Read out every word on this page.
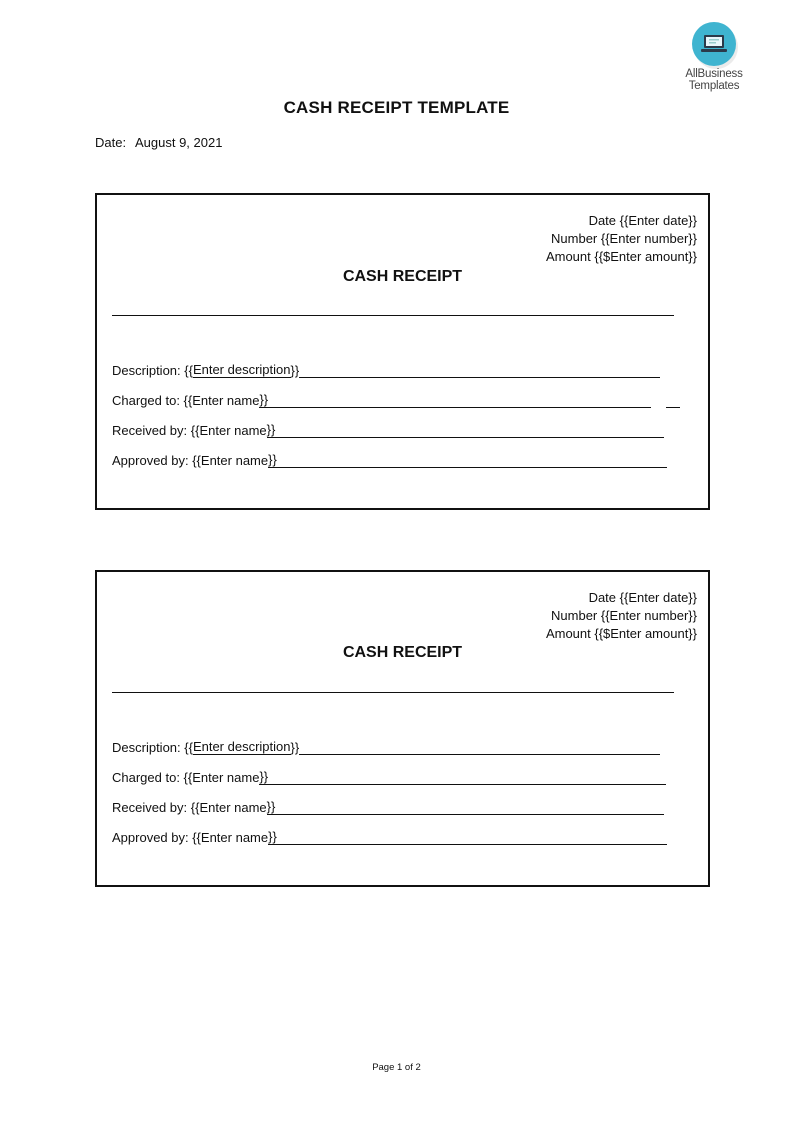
AllBusiness
Templates
CASH RECEIPT TEMPLATE
Date: August 9, 2021
Date {{Enter date}}
Number {{Enter number}}
Amount {{$Enter amount}}
CASH RECEIPT
Description: {{ Enter description }}
Charged to: {{Enter name }}
Received by: {{Enter name }}
Approved by: {{Enter name }}
Date {{Enter date}}
Number {{Enter number}}
Amount {{$Enter amount}}
CASH RECEIPT
Description: {{ Enter description }}
Charged to: {{Enter name }}
Received by: {{Enter name }}
Approved by: {{Enter name }}
Page 1 of 2
